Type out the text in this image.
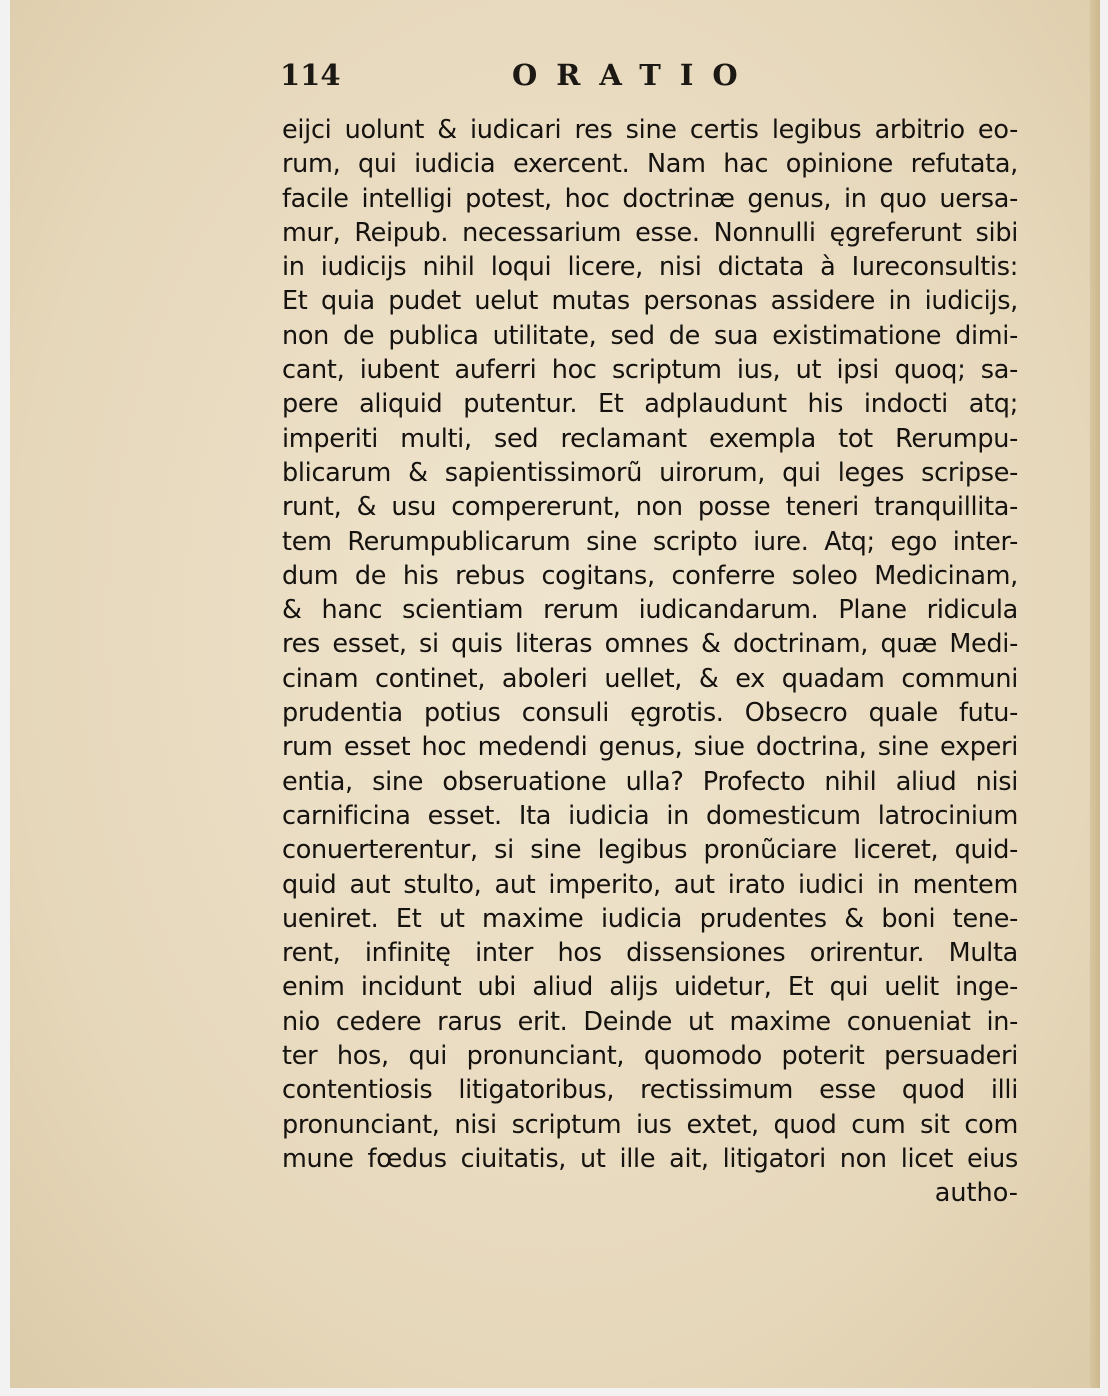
114	ORATIO
eijci uolunt & iudicari res sine certis legibus arbitrio eo-
rum, qui iudicia exercent. Nam hac opinione refutata,
facile intelligi potest, hoc doctrinæ genus, in quo uersa-
mur, Reipub. necessarium esse. Nonnulli ęgreferunt sibi
in iudicijs nihil loqui licere, nisi dictata à Iureconsultis:
Et quia pudet uelut mutas personas assidere in iudicijs,
non de publica utilitate, sed de sua existimatione dimi-
cant, iubent auferri hoc scriptum ius, ut ipsi quoq; sa-
pere aliquid putentur. Et adplaudunt his indocti atq;
imperiti multi, sed reclamant exempla tot Rerumpu-
blicarum & sapientissimorũ uirorum, qui leges scripse-
runt, & usu compererunt, non posse teneri tranquillita-
tem Rerumpublicarum sine scripto iure. Atq; ego inter-
dum de his rebus cogitans, conferre soleo Medicinam,
& hanc scientiam rerum iudicandarum. Plane ridicula
res esset, si quis literas omnes & doctrinam, quæ Medi-
cinam continet, aboleri uellet, & ex quadam communi
prudentia potius consuli ęgrotis. Obsecro quale futu-
rum esset hoc medendi genus, siue doctrina, sine experi
entia, sine obseruatione ulla? Profecto nihil aliud nisi
carnificina esset. Ita iudicia in domesticum latrocinium
conuerterentur, si sine legibus pronũciare liceret, quid-
quid aut stulto, aut imperito, aut irato iudici in mentem
ueniret. Et ut maxime iudicia prudentes & boni tene-
rent, infinitę inter hos dissensiones orirentur. Multa
enim incidunt ubi aliud alijs uidetur, Et qui uelit inge-
nio cedere rarus erit. Deinde ut maxime conueniat in-
ter hos, qui pronunciant, quomodo poterit persuaderi
contentiosis litigatoribus, rectissimum esse quod illi
pronunciant, nisi scriptum ius extet, quod cum sit com
mune fœdus ciuitatis, ut ille ait, litigatori non licet eius
autho-
